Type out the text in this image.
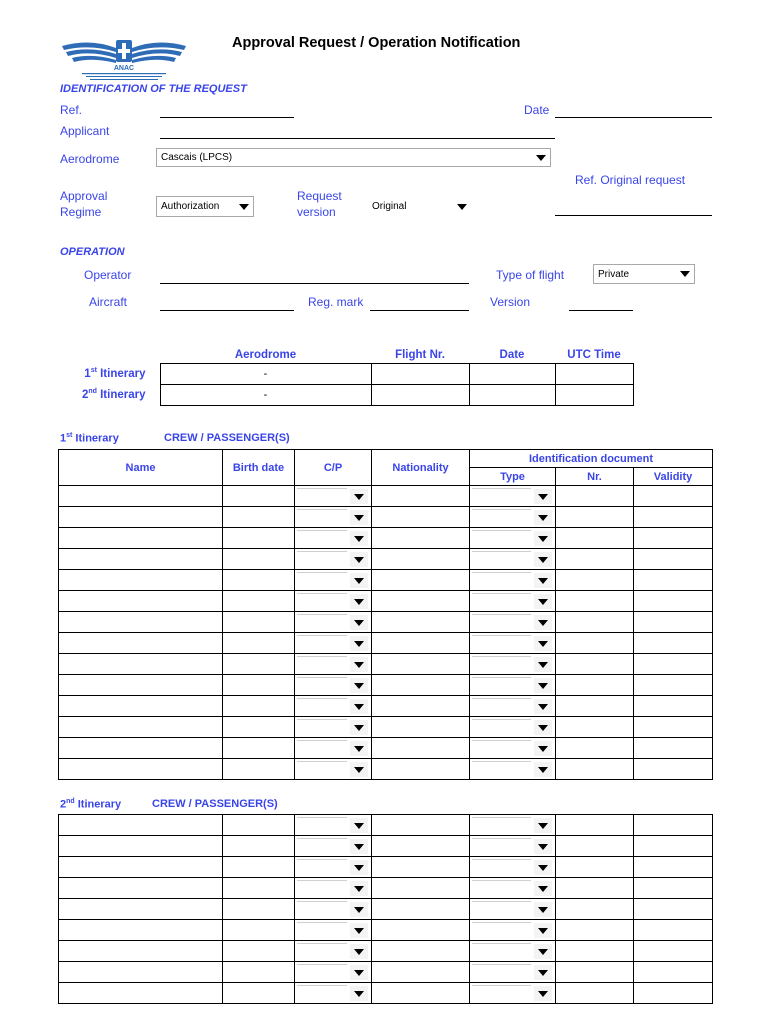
ANAC
Approval Request / Operation Notification
IDENTIFICATION OF THE REQUEST
Ref.	Date
Applicant
Aerodrome	Cascais (LPCS)
Ref. Original request
Approval
Regime	Authorization
Request
version	Original
OPERATION
Operator	Type of flight	Private
Aircraft	Reg. mark	Version
	Aerodrome	Flight Nr.	Date	UTC Time
1st Itinerary	-			
2nd Itinerary	-			
1st Itinerary	CREW / PASSENGER(S)
Name	Birth date	C/P	Nationality	Identification document		
				Type	Nr.	Validity

2nd Itinerary	CREW / PASSENGER(S)
